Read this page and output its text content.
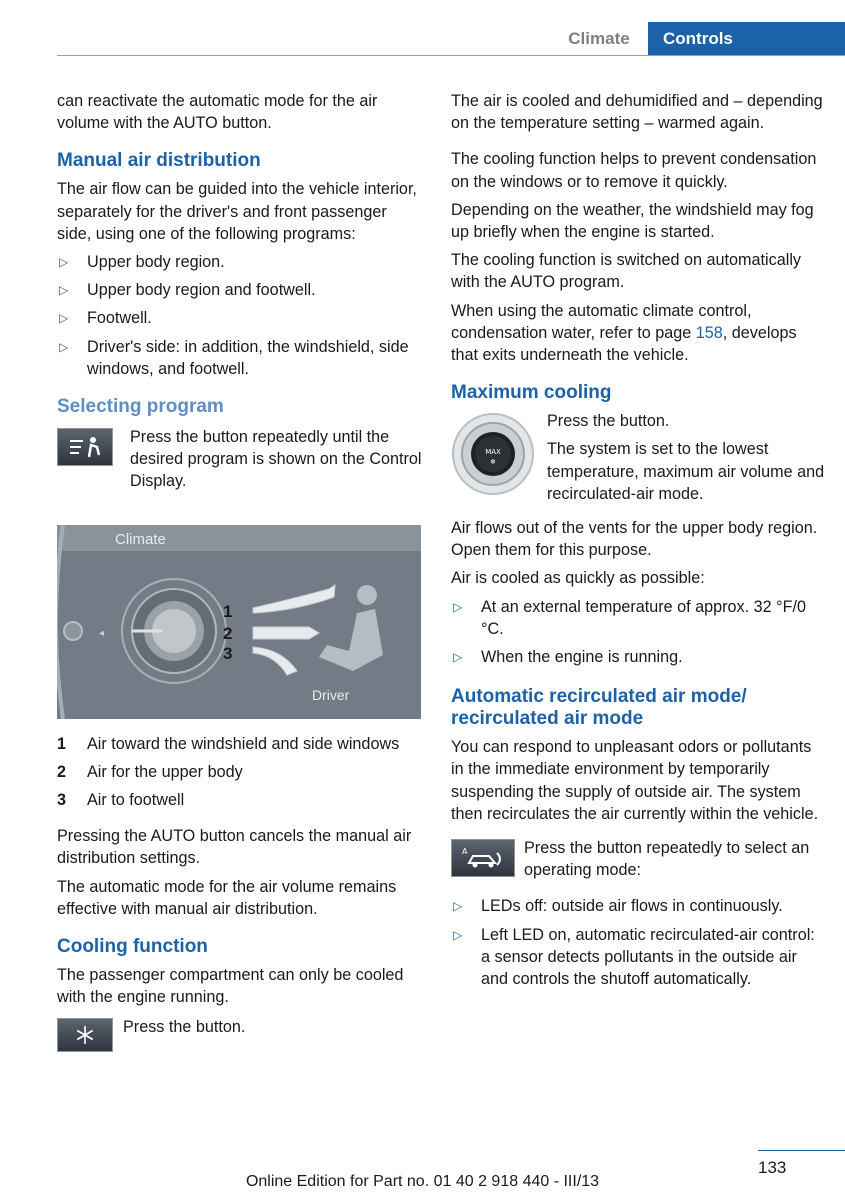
Climate	Controls

can reactivate the automatic mode for the air volume with the AUTO button.

Manual air distribution

The air flow can be guided into the vehicle interior, separately for the driver's and front passenger side, using one of the following programs:

▷ Upper body region.
▷ Upper body region and footwell.
▷ Footwell.
▷ Driver's side: in addition, the windshield, side windows, and footwell.
Selecting program
Press the button repeatedly until the desired program is shown on the Control Display.
◂
Climate
1
2
3
Driver
1 Air toward the windshield and side windows
2 Air for the upper body
3 Air to footwell

Pressing the AUTO button cancels the manual air distribution settings.

The automatic mode for the air volume remains effective with manual air distribution.

Cooling function

The passenger compartment can only be cooled with the engine running.

Press the button.

The air is cooled and dehumidified and – depending on the temperature setting – warmed again.

The cooling function helps to prevent condensation on the windows or to remove it quickly.

Depending on the weather, the windshield may fog up briefly when the engine is started.

The cooling function is switched on automatically with the AUTO program.

When using the automatic climate control, condensation water, refer to page 158, develops that exits underneath the vehicle.

Maximum cooling
MAX
❄

Press the button.

The system is set to the lowest temperature, maximum air volume and recirculated-air mode.

Air flows out of the vents for the upper body region. Open them for this purpose.

Air is cooled as quickly as possible:

▷ At an external temperature of approx. 32 °F/0 °C.
▷ When the engine is running.
Automatic recirculated air mode/ recirculated air mode

You can respond to unpleasant odors or pollutants in the immediate environment by temporarily suspending the supply of outside air. The system then recirculates the air currently within the vehicle.

A	Press the button repeatedly to select an operating mode:
▷ LEDs off: outside air flows in continuously.
▷ Left LED on, automatic recirculated-air control: a sensor detects pollutants in the outside air and controls the shutoff automatically.
133
Online Edition for Part no. 01 40 2 918 440 - III/13
